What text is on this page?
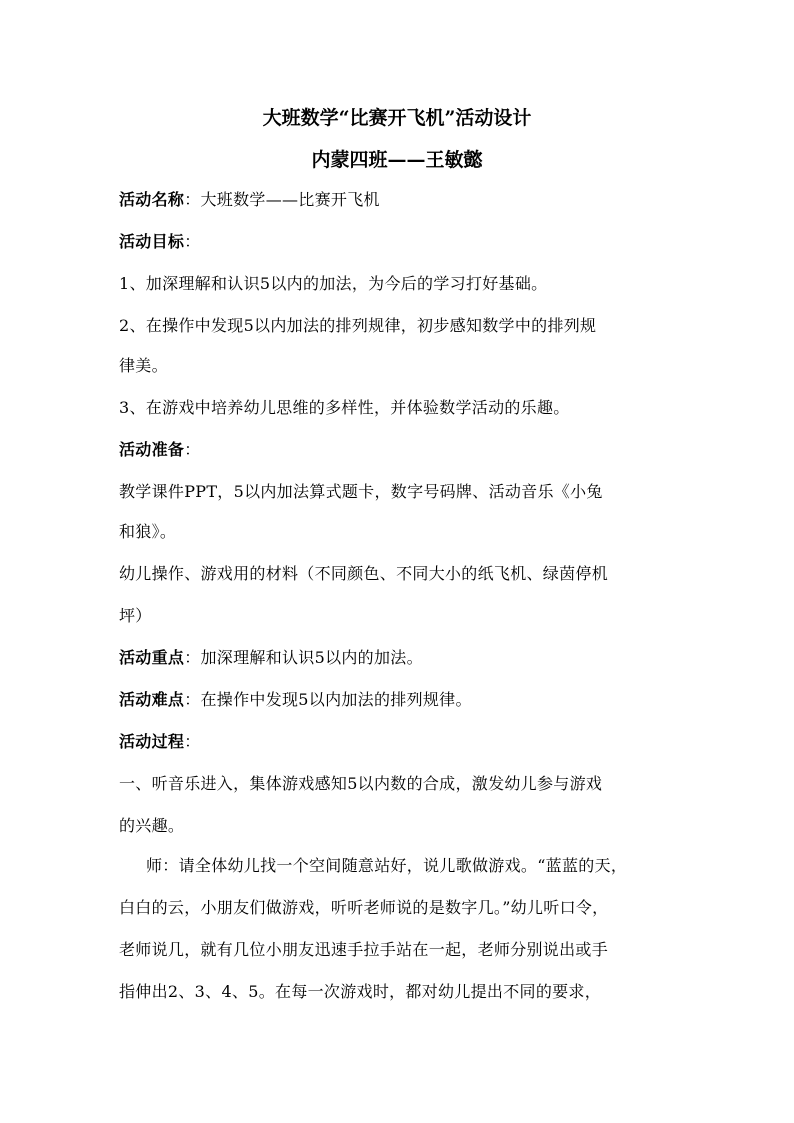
大班数学“比赛开飞机”活动设计
内蒙四班——王敏懿
活动名称：大班数学——比赛开飞机
活动目标：
1、加深理解和认识5以内的加法，为今后的学习打好基础。
2、在操作中发现5以内加法的排列规律，初步感知数学中的排列规
律美。
3、在游戏中培养幼儿思维的多样性，并体验数学活动的乐趣。
活动准备：
教学课件PPT，5以内加法算式题卡，数字号码牌、活动音乐《小兔
和狼》。
幼儿操作、游戏用的材料（不同颜色、不同大小的纸飞机、绿茵停机
坪）
活动重点：加深理解和认识5以内的加法。
活动难点：在操作中发现5以内加法的排列规律。
活动过程：
一、听音乐进入，集体游戏感知5以内数的合成，激发幼儿参与游戏
的兴趣。
师：请全体幼儿找一个空间随意站好，说儿歌做游戏。“蓝蓝的天，
白白的云，小朋友们做游戏，听听老师说的是数字几。”幼儿听口令，
老师说几，就有几位小朋友迅速手拉手站在一起，老师分别说出或手
指伸出2、3、4、5。在每一次游戏时，都对幼儿提出不同的要求，
